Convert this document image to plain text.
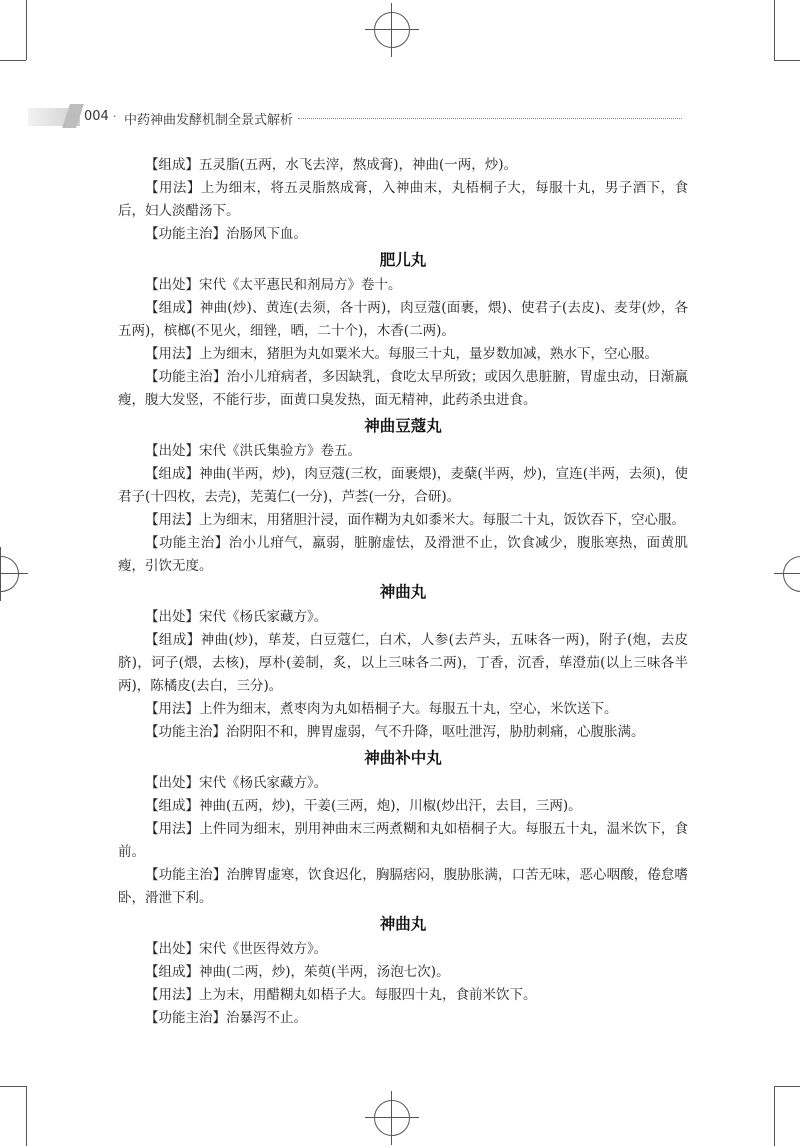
004 · 中药神曲发酵机制全景式解析

【 组成 】 五灵脂(五两，水飞去滓，熬成膏)，神曲(一两，炒)。

【 用法 】 上为细末，将五灵脂熬成膏，入神曲末，丸梧桐子大，每服十丸，男子酒下，食后，妇人淡醋汤下。

【 功能主治 】 治肠风下血。

肥儿丸

【 出处 】 宋代《太平惠民和剂局方》卷十。

【 组成 】 神曲(炒)、黄连(去须，各十两)，肉豆蔻(面裹，煨)、使君子(去皮)、麦芽(炒，各五两)，槟榔(不见火，细锉，晒，二十个)，木香(二两)。

【 用法 】 上为细末，猪胆为丸如粟米大。每服三十丸，量岁数加减，熟水下，空心服。

【 功能主治 】 治小儿疳病者，多因缺乳，食吃太早所致；或因久患脏腑，胃虚虫动，日渐羸瘦，腹大发竖，不能行步，面黄口臭发热，面无精神，此药杀虫进食。

神曲豆蔻丸

【 出处 】 宋代《洪氏集验方》卷五。

【 组成 】 神曲(半两，炒)，肉豆蔻(三枚，面裹煨)，麦蘖(半两，炒)，宣连(半两，去须)，使君子(十四枚，去壳)，芜荑仁(一分)，芦荟(一分，合研)。

【 用法 】 上为细末，用猪胆汁浸，面作糊为丸如黍米大。每服二十丸，饭饮吞下，空心服。

【 功能主治 】 治小儿疳气，羸弱，脏腑虚怯，及滑泄不止，饮食减少，腹胀寒热，面黄肌瘦，引饮无度。

神曲丸

【 出处 】 宋代《杨氏家藏方》。

【 组成 】 神曲(炒)，荜茇，白豆蔻仁，白术，人参(去芦头，五味各一两)，附子(炮，去皮脐)，诃子(煨，去核)，厚朴(姜制，炙，以上三味各二两)，丁香，沉香，荜澄茄(以上三味各半两)，陈橘皮(去白，三分)。

【 用法 】 上件为细末，煮枣肉为丸如梧桐子大。每服五十丸，空心，米饮送下。

【 功能主治 】 治阴阳不和，脾胃虚弱，气不升降，呕吐泄泻，胁肋刺痛，心腹胀满。

神曲补中丸

【 出处 】 宋代《杨氏家藏方》。

【 组成 】 神曲(五两，炒)，干姜(三两，炮)，川椒(炒出汗，去目，三两)。

【 用法 】 上件同为细末，别用神曲末三两煮糊和丸如梧桐子大。每服五十丸，温米饮下，食前。

【 功能主治 】 治脾胃虚寒，饮食迟化，胸膈痞闷，腹胁胀满，口苦无味，恶心咽酸，倦怠嗜卧，滑泄下利。

神曲丸

【 出处 】 宋代《世医得效方》。

【 组成 】 神曲(二两，炒)，茱萸(半两，汤泡七次)。

【 用法 】 上为末，用醋糊丸如梧子大。每服四十丸，食前米饮下。

【 功能主治 】 治暴泻不止。
